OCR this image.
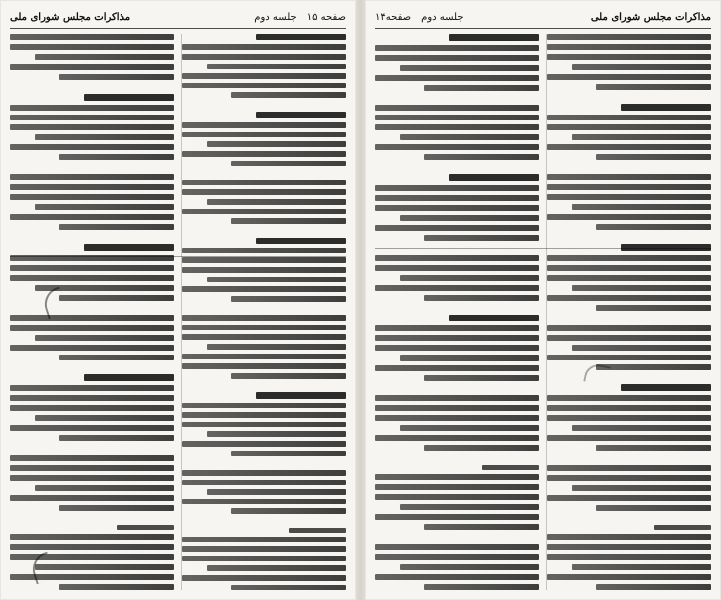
صفحه ۱۵
جلسه دوم
مذاکرات مجلس شورای ملی	مذاکرات مجلس شورای ملی
جلسه دوم
صفحه۱۴
